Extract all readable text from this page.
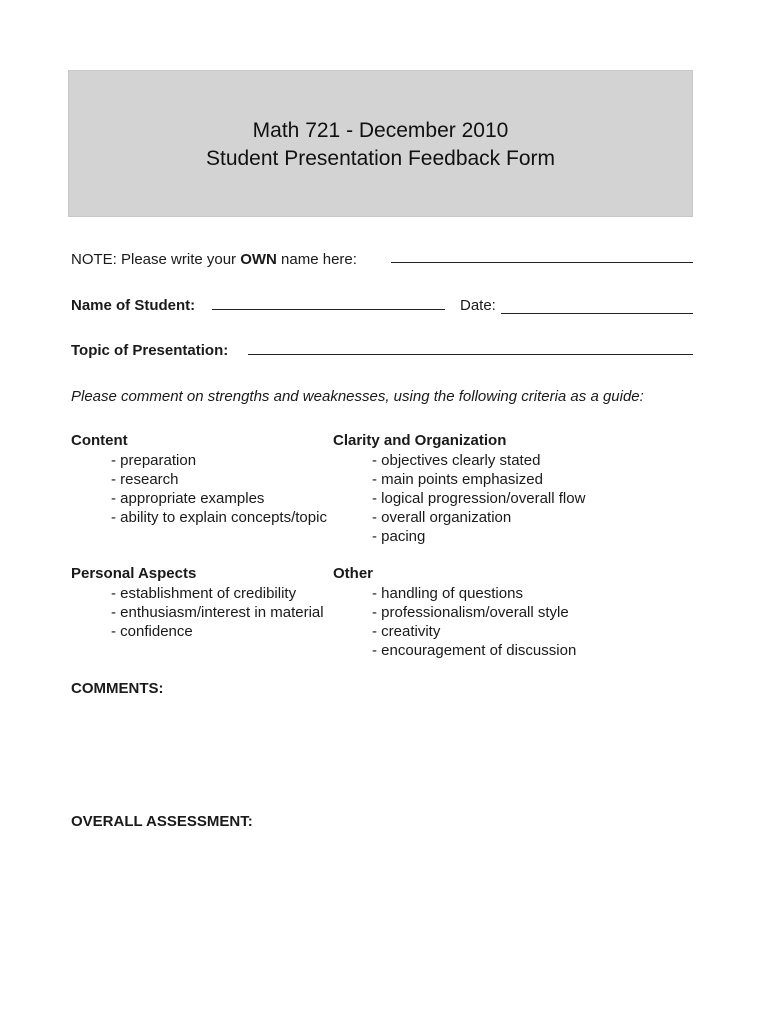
Math 721 - December 2010
Student Presentation Feedback Form
NOTE: Please write your OWN name here:
Name of Student:	Date:
Topic of Presentation:
Please comment on strengths and weaknesses, using the following criteria as a guide:
Content
- preparation
- research
- appropriate examples
- ability to explain concepts/topic
Clarity and Organization
- objectives clearly stated
- main points emphasized
- logical progression/overall flow
- overall organization
- pacing
Personal Aspects
- establishment of credibility
- enthusiasm/interest in material
- confidence
Other
- handling of questions
- professionalism/overall style
- creativity
- encouragement of discussion
COMMENTS:
OVERALL ASSESSMENT:
